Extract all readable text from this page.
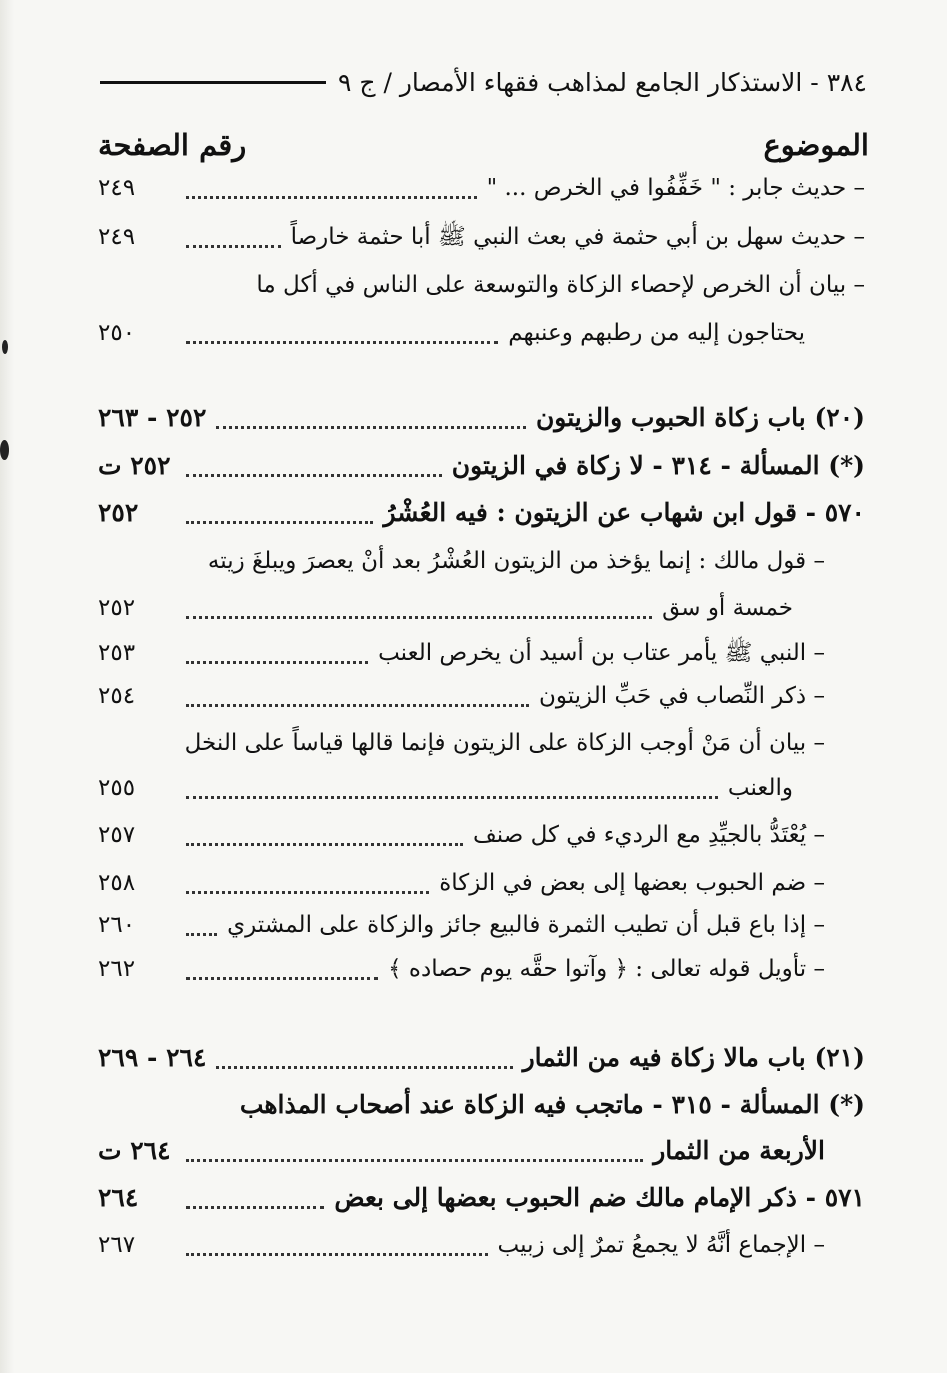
٣٨٤ - الاستذكار الجامع لمذاهب فقهاء الأمصار / ج ٩
الموضوع
رقم الصفحة
– حديث جابر : " خَفِّفُوا في الخرص ... "
٢٤٩
– حديث سهل بن أبي حثمة في بعث النبي ﷺ أبا حثمة خارصاً
٢٤٩
– بيان أن الخرص لإحصاء الزكاة والتوسعة على الناس في أكل ما
يحتاجون إليه من رطبهم وعنبهم
٢٥٠
(٢٠) باب زكاة الحبوب والزيتون
٢٥٢ - ٢٦٣
(*) المسألة - ٣١٤ - لا زكاة في الزيتون
٢٥٢ ت
٥٧٠ - قول ابن شهاب عن الزيتون : فيه العُشْرُ
٢٥٢
– قول مالك : إنما يؤخذ من الزيتون العُشْرُ بعد أنْ يعصرَ ويبلغَ زيته
خمسة أو سق
٢٥٢
– النبي ﷺ يأمر عتاب بن أسيد أن يخرص العنب
٢٥٣
– ذكر النِّصاب في حَبِّ الزيتون
٢٥٤
– بيان أن مَنْ أوجب الزكاة على الزيتون فإنما قالها قياساً على النخل
والعنب
٢٥٥
– يُعْتَدُّ بالجيِّدِ مع الرديء في كل صنف
٢٥٧
– ضم الحبوب بعضها إلى بعض في الزكاة
٢٥٨
– إذا باع قبل أن تطيب الثمرة فالبيع جائز والزكاة على المشتري
٢٦٠
– تأويل قوله تعالى : ﴿ وآتوا حقَّه يوم حصاده ﴾
٢٦٢
(٢١) باب مالا زكاة فيه من الثمار
٢٦٤ - ٢٦٩
(*) المسألة - ٣١٥ - ماتجب فيه الزكاة عند أصحاب المذاهب
الأربعة من الثمار
٢٦٤ ت
٥٧١ - ذكر الإمام مالك ضم الحبوب بعضها إلى بعض
٢٦٤
– الإجماع أنَّهُ لا يجمعُ تمرٌ إلى زبيب
٢٦٧
